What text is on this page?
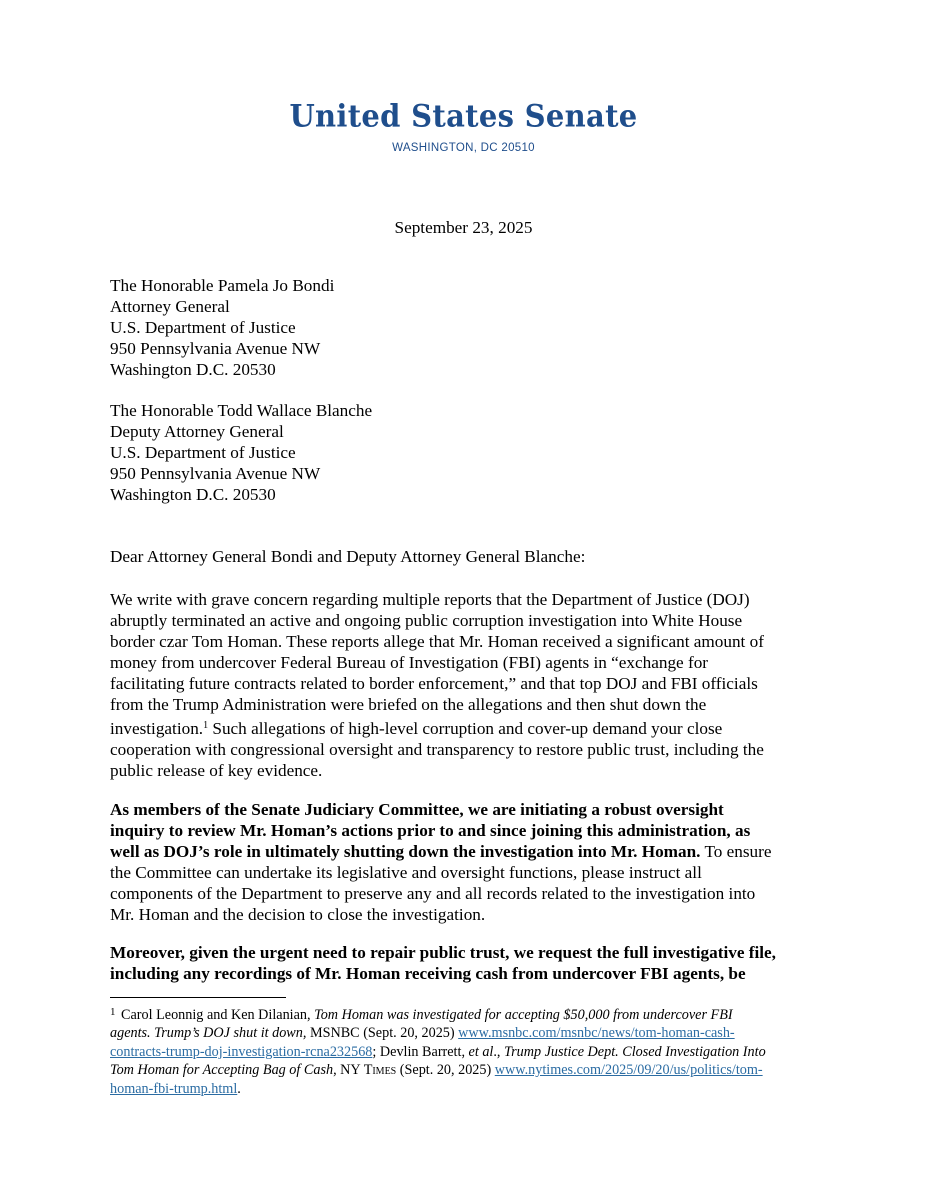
United States Senate
WASHINGTON, DC 20510
September 23, 2025
The Honorable Pamela Jo Bondi
Attorney General
U.S. Department of Justice
950 Pennsylvania Avenue NW
Washington D.C. 20530
The Honorable Todd Wallace Blanche
Deputy Attorney General
U.S. Department of Justice
950 Pennsylvania Avenue NW
Washington D.C. 20530
Dear Attorney General Bondi and Deputy Attorney General Blanche:
We write with grave concern regarding multiple reports that the Department of Justice (DOJ)
abruptly terminated an active and ongoing public corruption investigation into White House
border czar Tom Homan. These reports allege that Mr. Homan received a significant amount of
money from undercover Federal Bureau of Investigation (FBI) agents in “exchange for
facilitating future contracts related to border enforcement,” and that top DOJ and FBI officials
from the Trump Administration were briefed on the allegations and then shut down the
investigation.$^1$ Such allegations of high-level corruption and cover-up demand your close
cooperation with congressional oversight and transparency to restore public trust, including the
public release of key evidence.
As members of the Senate Judiciary Committee, we are initiating a robust oversight
inquiry to review Mr. Homan’s actions prior to and since joining this administration, as
well as DOJ’s role in ultimately shutting down the investigation into Mr. Homan. To ensure
the Committee can undertake its legislative and oversight functions, please instruct all
components of the Department to preserve any and all records related to the investigation into
Mr. Homan and the decision to close the investigation.
Moreover, given the urgent need to repair public trust, we request the full investigative file,
including any recordings of Mr. Homan receiving cash from undercover FBI agents, be
$^1$ Carol Leonnig and Ken Dilanian, Tom Homan was investigated for accepting $50,000 from undercover FBI
agents. Trump’s DOJ shut it down, MSNBC (Sept. 20, 2025) www.msnbc.com/msnbc/news/tom-homan-cash-
contracts-trump-doj-investigation-rcna232568; Devlin Barrett, et al., Trump Justice Dept. Closed Investigation Into
Tom Homan for Accepting Bag of Cash, NY Times (Sept. 20, 2025) www.nytimes.com/2025/09/20/us/politics/tom-
homan-fbi-trump.html.
